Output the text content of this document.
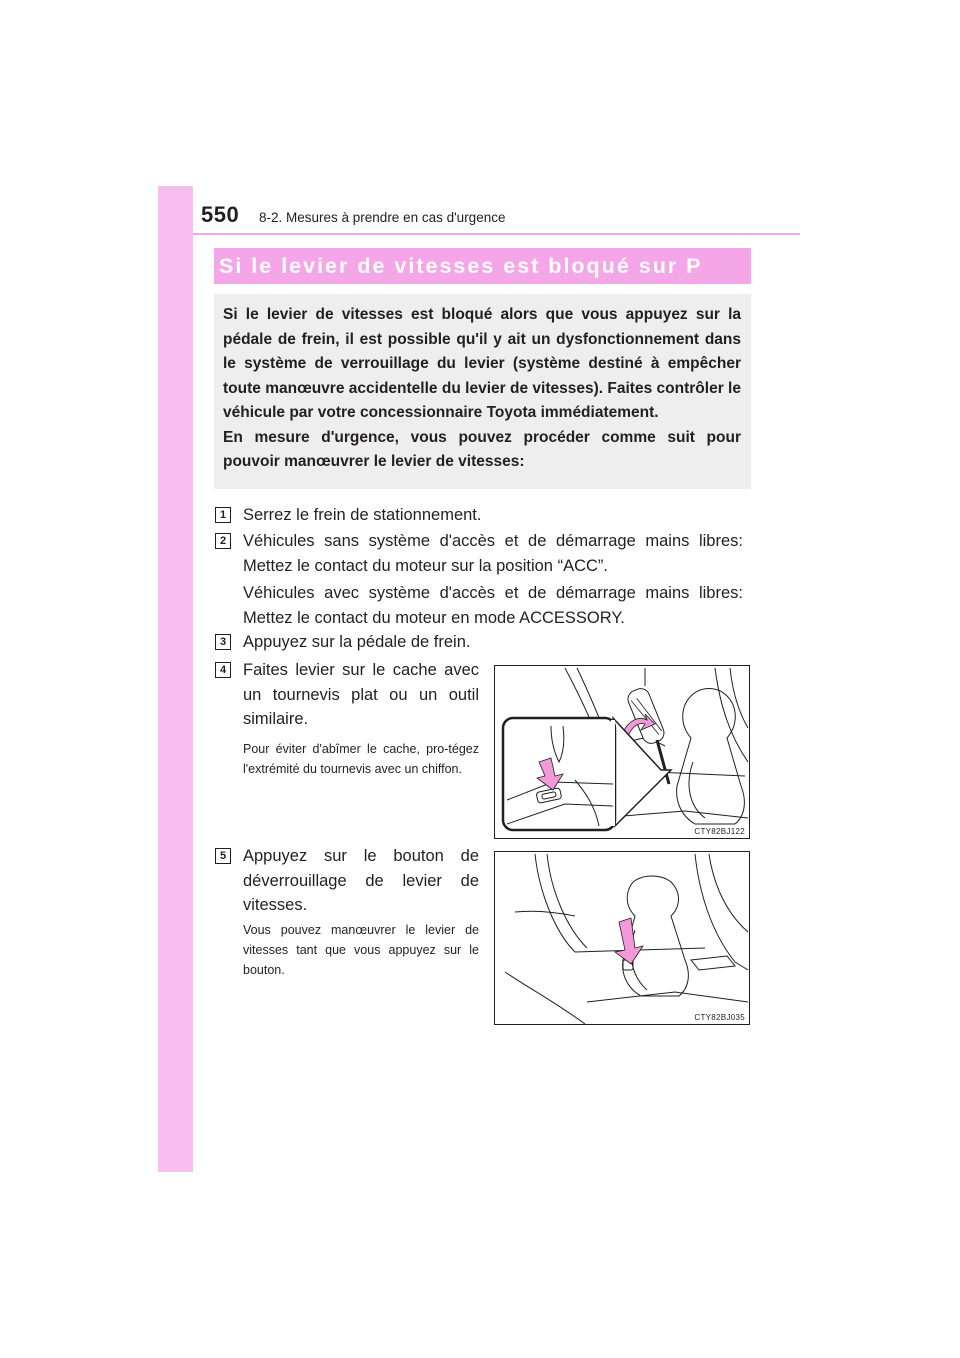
550 8-2. Mesures à prendre en cas d'urgence
Si le levier de vitesses est bloqué sur P

Si le levier de vitesses est bloqué alors que vous appuyez sur la pédale de frein, il est possible qu'il y ait un dysfonctionnement dans le système de verrouillage du levier (système destiné à empêcher toute manœuvre accidentelle du levier de vitesses). Faites contrôler le véhicule par votre concessionnaire Toyota immédiatement.

En mesure d'urgence, vous pouvez procéder comme suit pour pouvoir manœuvrer le levier de vitesses:

1 Serrez le frein de stationnement.
2 Véhicules sans système d'accès et de démarrage mains libres: Mettez le contact du moteur sur la position “ACC”.
Véhicules avec système d'accès et de démarrage mains libres: Mettez le contact du moteur en mode ACCESSORY.
3 Appuyez sur la pédale de frein.
4 Faites levier sur le cache avec un tournevis plat ou un outil similaire.
Pour éviter d'abîmer le cache, pro-tégez l'extrémité du tournevis avec un chiffon.
CTY82BJ122
5 Appuyez sur le bouton de déverrouillage de levier de vitesses.
Vous pouvez manœuvrer le levier de vitesses tant que vous appuyez sur le bouton.
CTY82BJ035
